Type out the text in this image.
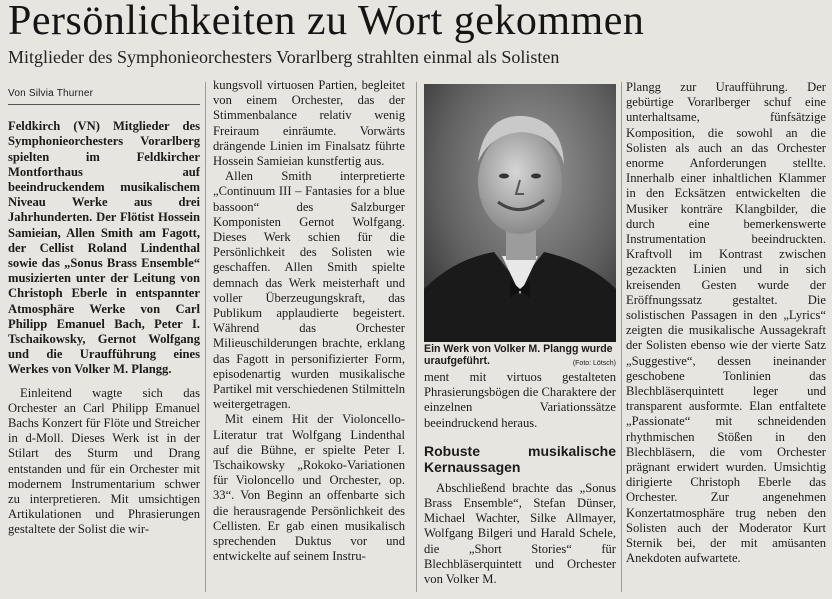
Persönlichkeiten zu Wort gekommen
Mitglieder des Symphonieorchesters Vorarlberg strahlten einmal als Solisten

Von Silvia Thurner

Feldkirch (VN) Mitglieder des Symphonieorchesters Vorarlberg spielten im Feldkircher Montforthaus auf beeindruckendem musikalischem Niveau Werke aus drei Jahrhunderten. Der Flötist Hossein Samieian, Allen Smith am Fagott, der Cellist Roland Lindenthal sowie das „Sonus Brass Ensemble“ musizierten unter der Leitung von Christoph Eberle in entspannter Atmosphäre Werke von Carl Philipp Emanuel Bach, Peter I. Tschaikowsky, Gernot Wolfgang und die Uraufführung eines Werkes von Volker M. Plangg.

Einleitend wagte sich das Orchester an Carl Philipp Emanuel Bachs Konzert für Flöte und Streicher in d-Moll. Dieses Werk ist in der Stilart des Sturm und Drang entstanden und für ein Orchester mit modernem Instrumentarium schwer zu interpretieren. Mit umsichtigen Artikulationen und Phrasierungen gestaltete der Solist die wir-

kungsvoll virtuosen Partien, begleitet von einem Orchester, das der Stimmenbalance relativ wenig Freiraum einräumte. Vorwärts drängende Linien im Finalsatz führte Hossein Samieian kunstfertig aus.

Allen Smith interpretierte „Continuum III – Fantasies for a blue bassoon“ des Salzburger Komponisten Gernot Wolfgang. Dieses Werk schien für die Persönlichkeit des Solisten wie geschaffen. Allen Smith spielte demnach das Werk meisterhaft und voller Überzeugungskraft, das Publikum applaudierte begeistert. Während das Orchester Milieuschilderungen brachte, erklang das Fagott in personifizierter Form, episodenartig wurden musikalische Partikel mit verschiedenen Stilmitteln weitergetragen.

Mit einem Hit der Violoncello-Literatur trat Wolfgang Lindenthal auf die Bühne, er spielte Peter I. Tschaikowsky „Rokoko-Variationen für Violoncello und Orchester, op. 33“. Von Beginn an offenbarte sich die herausragende Persönlichkeit des Cellisten. Er gab einen musikalisch sprechenden Duktus vor und entwickelte auf seinem Instru-

Ein Werk von Volker M. Plangg wurde uraufgeführt.	(Foto: Lötsch)

ment mit virtuos gestalteten Phrasierungsbögen die Charaktere der einzelnen Variationssätze beeindruckend heraus.

Robuste musikalische Kernaussagen

Abschließend brachte das „Sonus Brass Ensemble“, Stefan Dünser, Michael Wachter, Silke Allmayer, Wolfgang Bilgeri und Harald Schele, die „Short Stories“ für Blechbläserquintett und Orchester von Volker M.

Plangg zur Uraufführung. Der gebürtige Vorarlberger schuf eine unterhaltsame, fünfsätzige Komposition, die sowohl an die Solisten als auch an das Orchester enorme Anforderungen stellte. Innerhalb einer inhaltlichen Klammer in den Ecksätzen entwickelten die Musiker konträre Klangbilder, die durch eine bemerkenswerte Instrumentation beeindruckten. Kraftvoll im Kontrast zwischen gezackten Linien und in sich kreisenden Gesten wurde der Eröffnungssatz gestaltet. Die solistischen Passagen in den „Lyrics“ zeigten die musikalische Aussagekraft der Solisten ebenso wie der vierte Satz „Suggestive“, dessen ineinander geschobene Tonlinien das Blechbläserquintett leger und transparent ausformte. Elan entfaltete „Passionate“ mit schneidenden rhythmischen Stößen in den Blechbläsern, die vom Orchester prägnant erwidert wurden. Umsichtig dirigierte Christoph Eberle das Orchester. Zur angenehmen Konzertatmosphäre trug neben den Solisten auch der Moderator Kurt Sternik bei, der mit amüsanten Anekdoten aufwartete.
